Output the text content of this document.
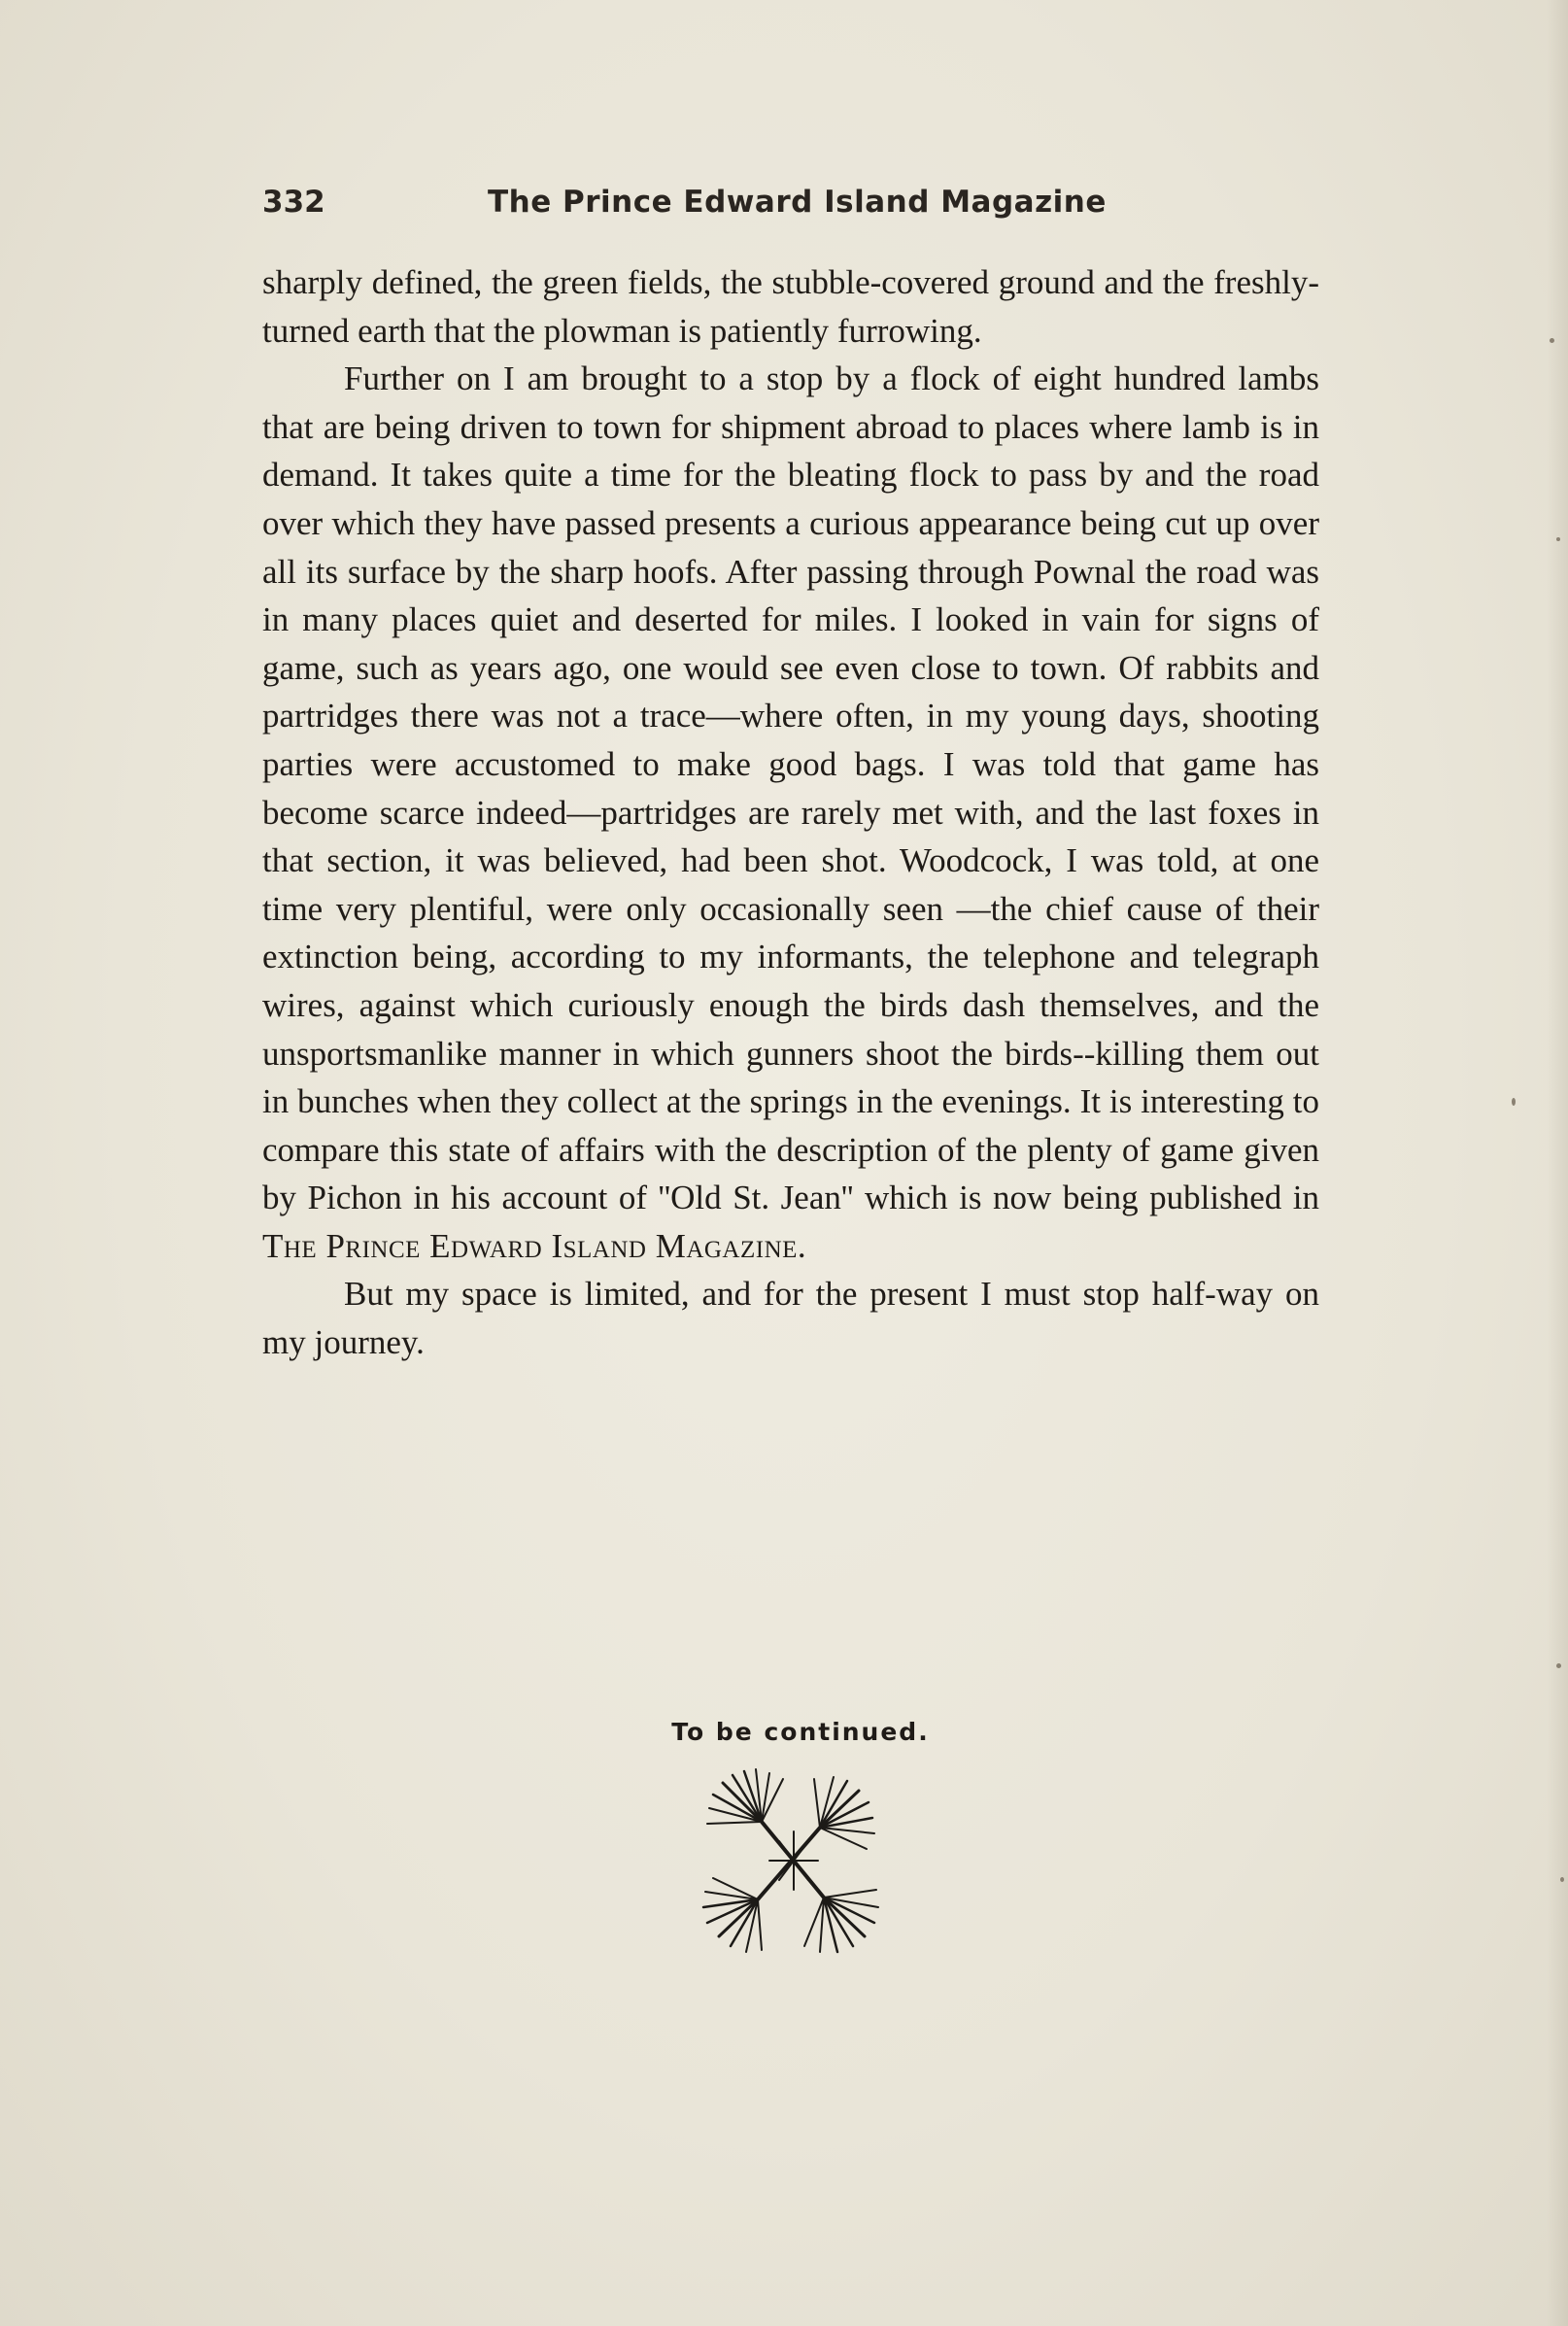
332	The Prince Edward Island Magazine

sharply defined, the green fields, the stubble-covered ground and the freshly-turned earth that the plowman is patiently furrowing.

Further on I am brought to a stop by a flock of eight hundred lambs that are being driven to town for shipment abroad to places where lamb is in demand. It takes quite a time for the bleating flock to pass by and the road over which they have passed presents a curious appearance being cut up over all its surface by the sharp hoofs. After passing through Pownal the road was in many places quiet and deserted for miles. I looked in vain for signs of game, such as years ago, one would see even close to town. Of rabbits and partridges there was not a trace—where often, in my young days, shooting parties were accustomed to make good bags. I was told that game has become scarce indeed—partridges are rarely met with, and the last foxes in that section, it was believed, had been shot. Woodcock, I was told, at one time very plentiful, were only occasionally seen —the chief cause of their extinction being, according to my informants, the telephone and telegraph wires, against which curiously enough the birds dash themselves, and the unsportsmanlike manner in which gunners shoot the birds--killing them out in bunches when they collect at the springs in the evenings. It is interesting to compare this state of affairs with the description of the plenty of game given by Pichon in his account of ''Old St. Jean'' which is now being published in The Prince Edward Island Magazine.

But my space is limited, and for the present I must stop half-way on my journey.

To be continued.
